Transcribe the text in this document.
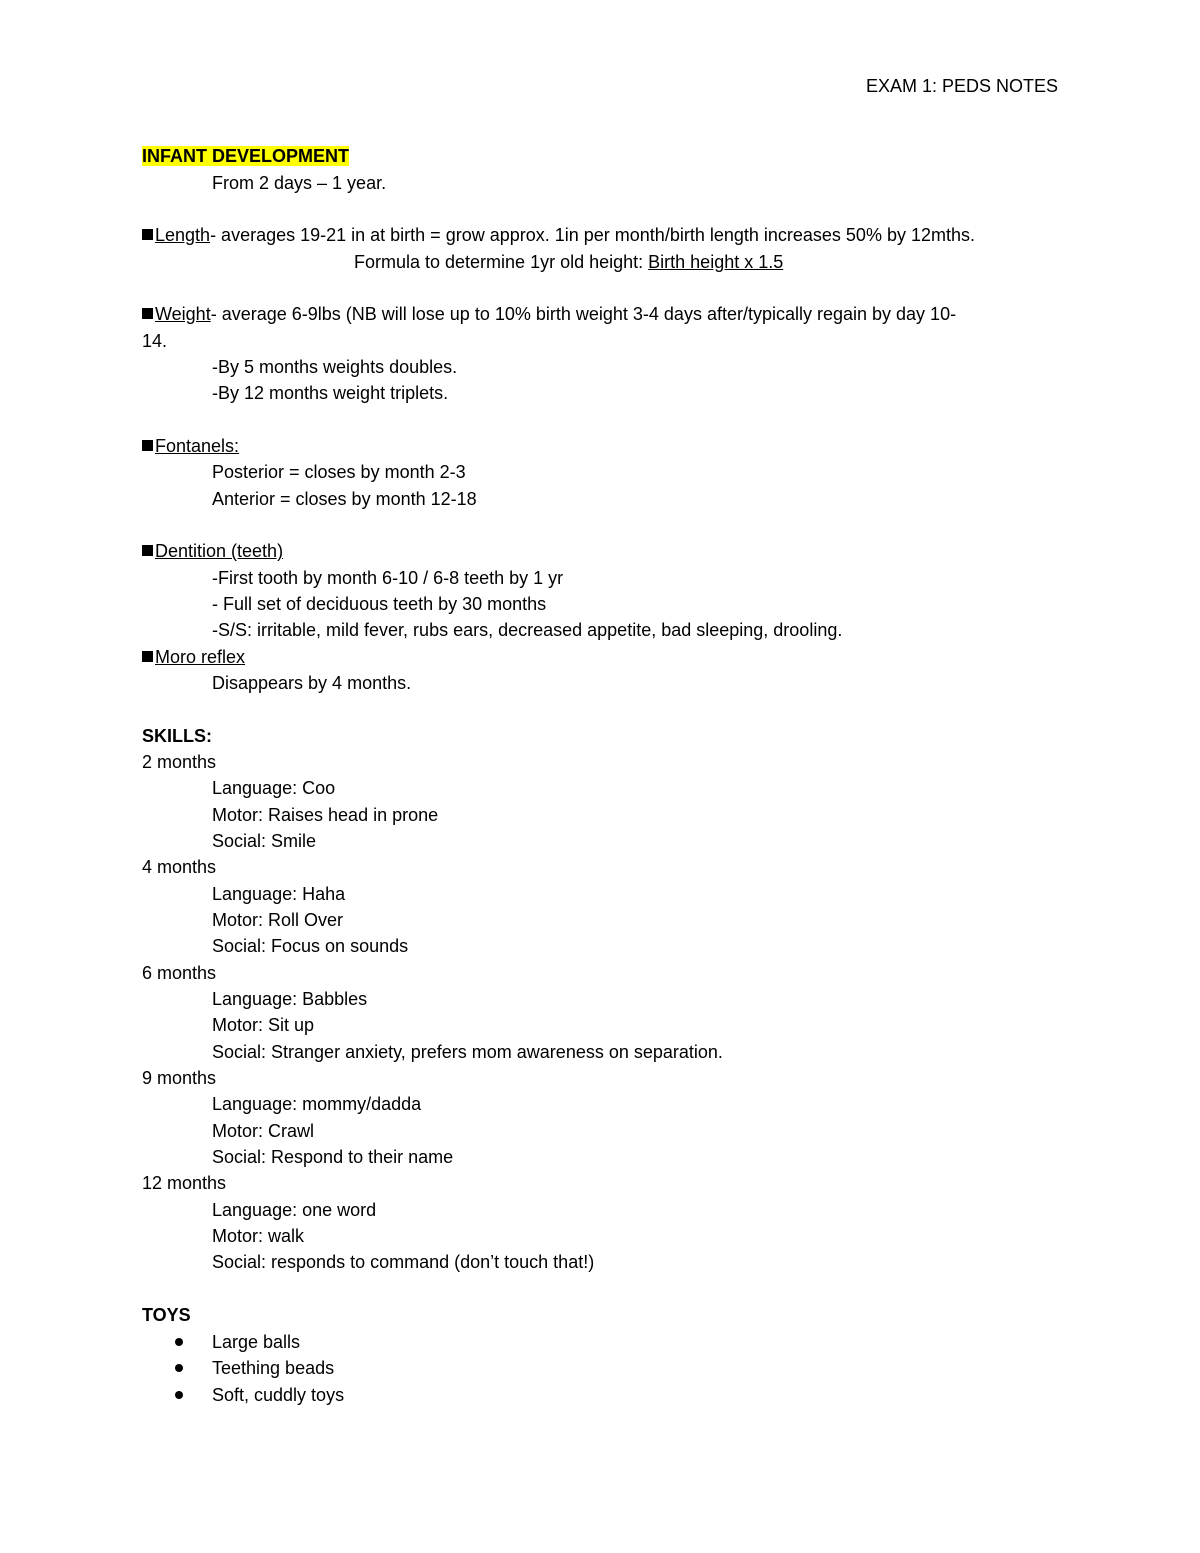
EXAM 1: PEDS NOTES
INFANT DEVELOPMENT
From 2 days – 1 year.
Length- averages 19-21 in at birth = grow approx. 1in per month/birth length increases 50% by 12mths.
Formula to determine 1yr old height: Birth height x 1.5
Weight- average 6-9lbs (NB will lose up to 10% birth weight 3-4 days after/typically regain by day 10-
14.
-By 5 months weights doubles.
-By 12 months weight triplets.
Fontanels:
Posterior = closes by month 2-3
Anterior = closes by month 12-18
Dentition (teeth)
-First tooth by month 6-10 / 6-8 teeth by 1 yr
- Full set of deciduous teeth by 30 months
-S/S: irritable, mild fever, rubs ears, decreased appetite, bad sleeping, drooling.
Moro reflex
Disappears by 4 months.
SKILLS:
2 months
Language: Coo
Motor: Raises head in prone
Social: Smile
4 months
Language: Haha
Motor: Roll Over
Social: Focus on sounds
6 months
Language: Babbles
Motor: Sit up
Social: Stranger anxiety, prefers mom awareness on separation.
9 months
Language: mommy/dadda
Motor: Crawl
Social: Respond to their name
12 months
Language: one word
Motor: walk
Social: responds to command (don’t touch that!)
TOYS
Large balls
Teething beads
Soft, cuddly toys
